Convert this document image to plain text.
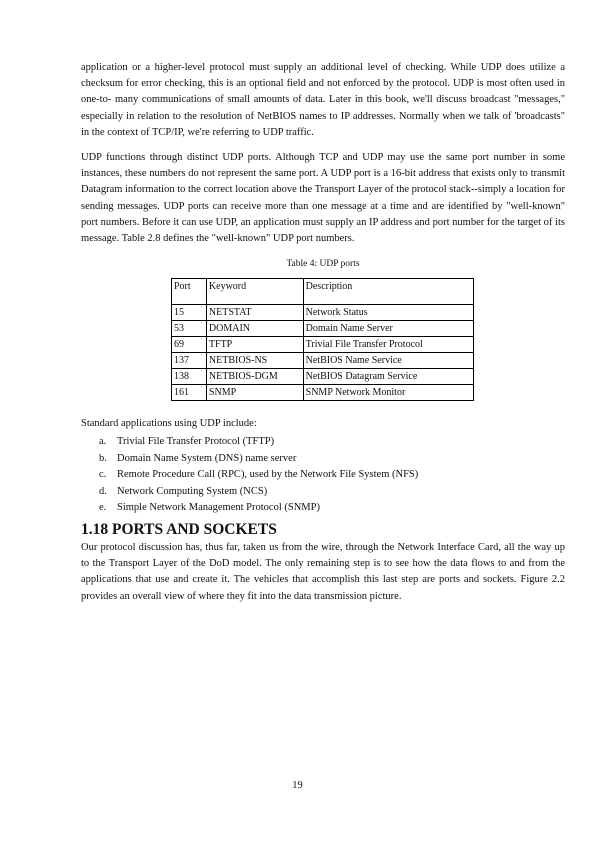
application or a higher-level protocol must supply an additional level of checking. While UDP does utilize a checksum for error checking, this is an optional field and not enforced by the protocol. UDP is most often used in one-to- many communications of small amounts of data. Later in this book, we'll discuss broadcast "messages," especially in relation to the resolution of NetBIOS names to IP addresses. Normally when we talk of 'broadcasts" in the context of TCP/IP, we're referring to UDP traffic.

UDP functions through distinct UDP ports. Although TCP and UDP may use the same port number in some instances, these numbers do not represent the same port. A UDP port is a 16-bit address that exists only to transmit Datagram information to the correct location above the Transport Layer of the protocol stack--simply a location for sending messages. UDP ports can receive more than one message at a time and are identified by "well-known" port numbers. Before it can use UDP, an application must supply an IP address and port number for the target of its message. Table 2.8 defines the "well-known" UDP port numbers.

Table 4: UDP ports
Port	Keyword	Description
15	NETSTAT	Network Status
53	DOMAIN	Domain Name Server
69	TFTP	Trivial File Transfer Protocol
137	NETBIOS-NS	NetBIOS Name Service
138	NETBIOS-DGM	NetBIOS Datagram Service
161	SNMP	SNMP Network Monitor
Standard applications using UDP include:
a. Trivial File Transfer Protocol (TFTP)
b. Domain Name System (DNS) name server
c. Remote Procedure Call (RPC), used by the Network File System (NFS)
d. Network Computing System (NCS)
e. Simple Network Management Protocol (SNMP)
1.18 PORTS AND SOCKETS

Our protocol discussion has, thus far, taken us from the wire, through the Network Interface Card, all the way up to the Transport Layer of the DoD model. The only remaining step is to see how the data flows to and from the applications that use and create it. The vehicles that accomplish this last step are ports and sockets. Figure 2.2 provides an overall view of where they fit into the data transmission picture.

19
